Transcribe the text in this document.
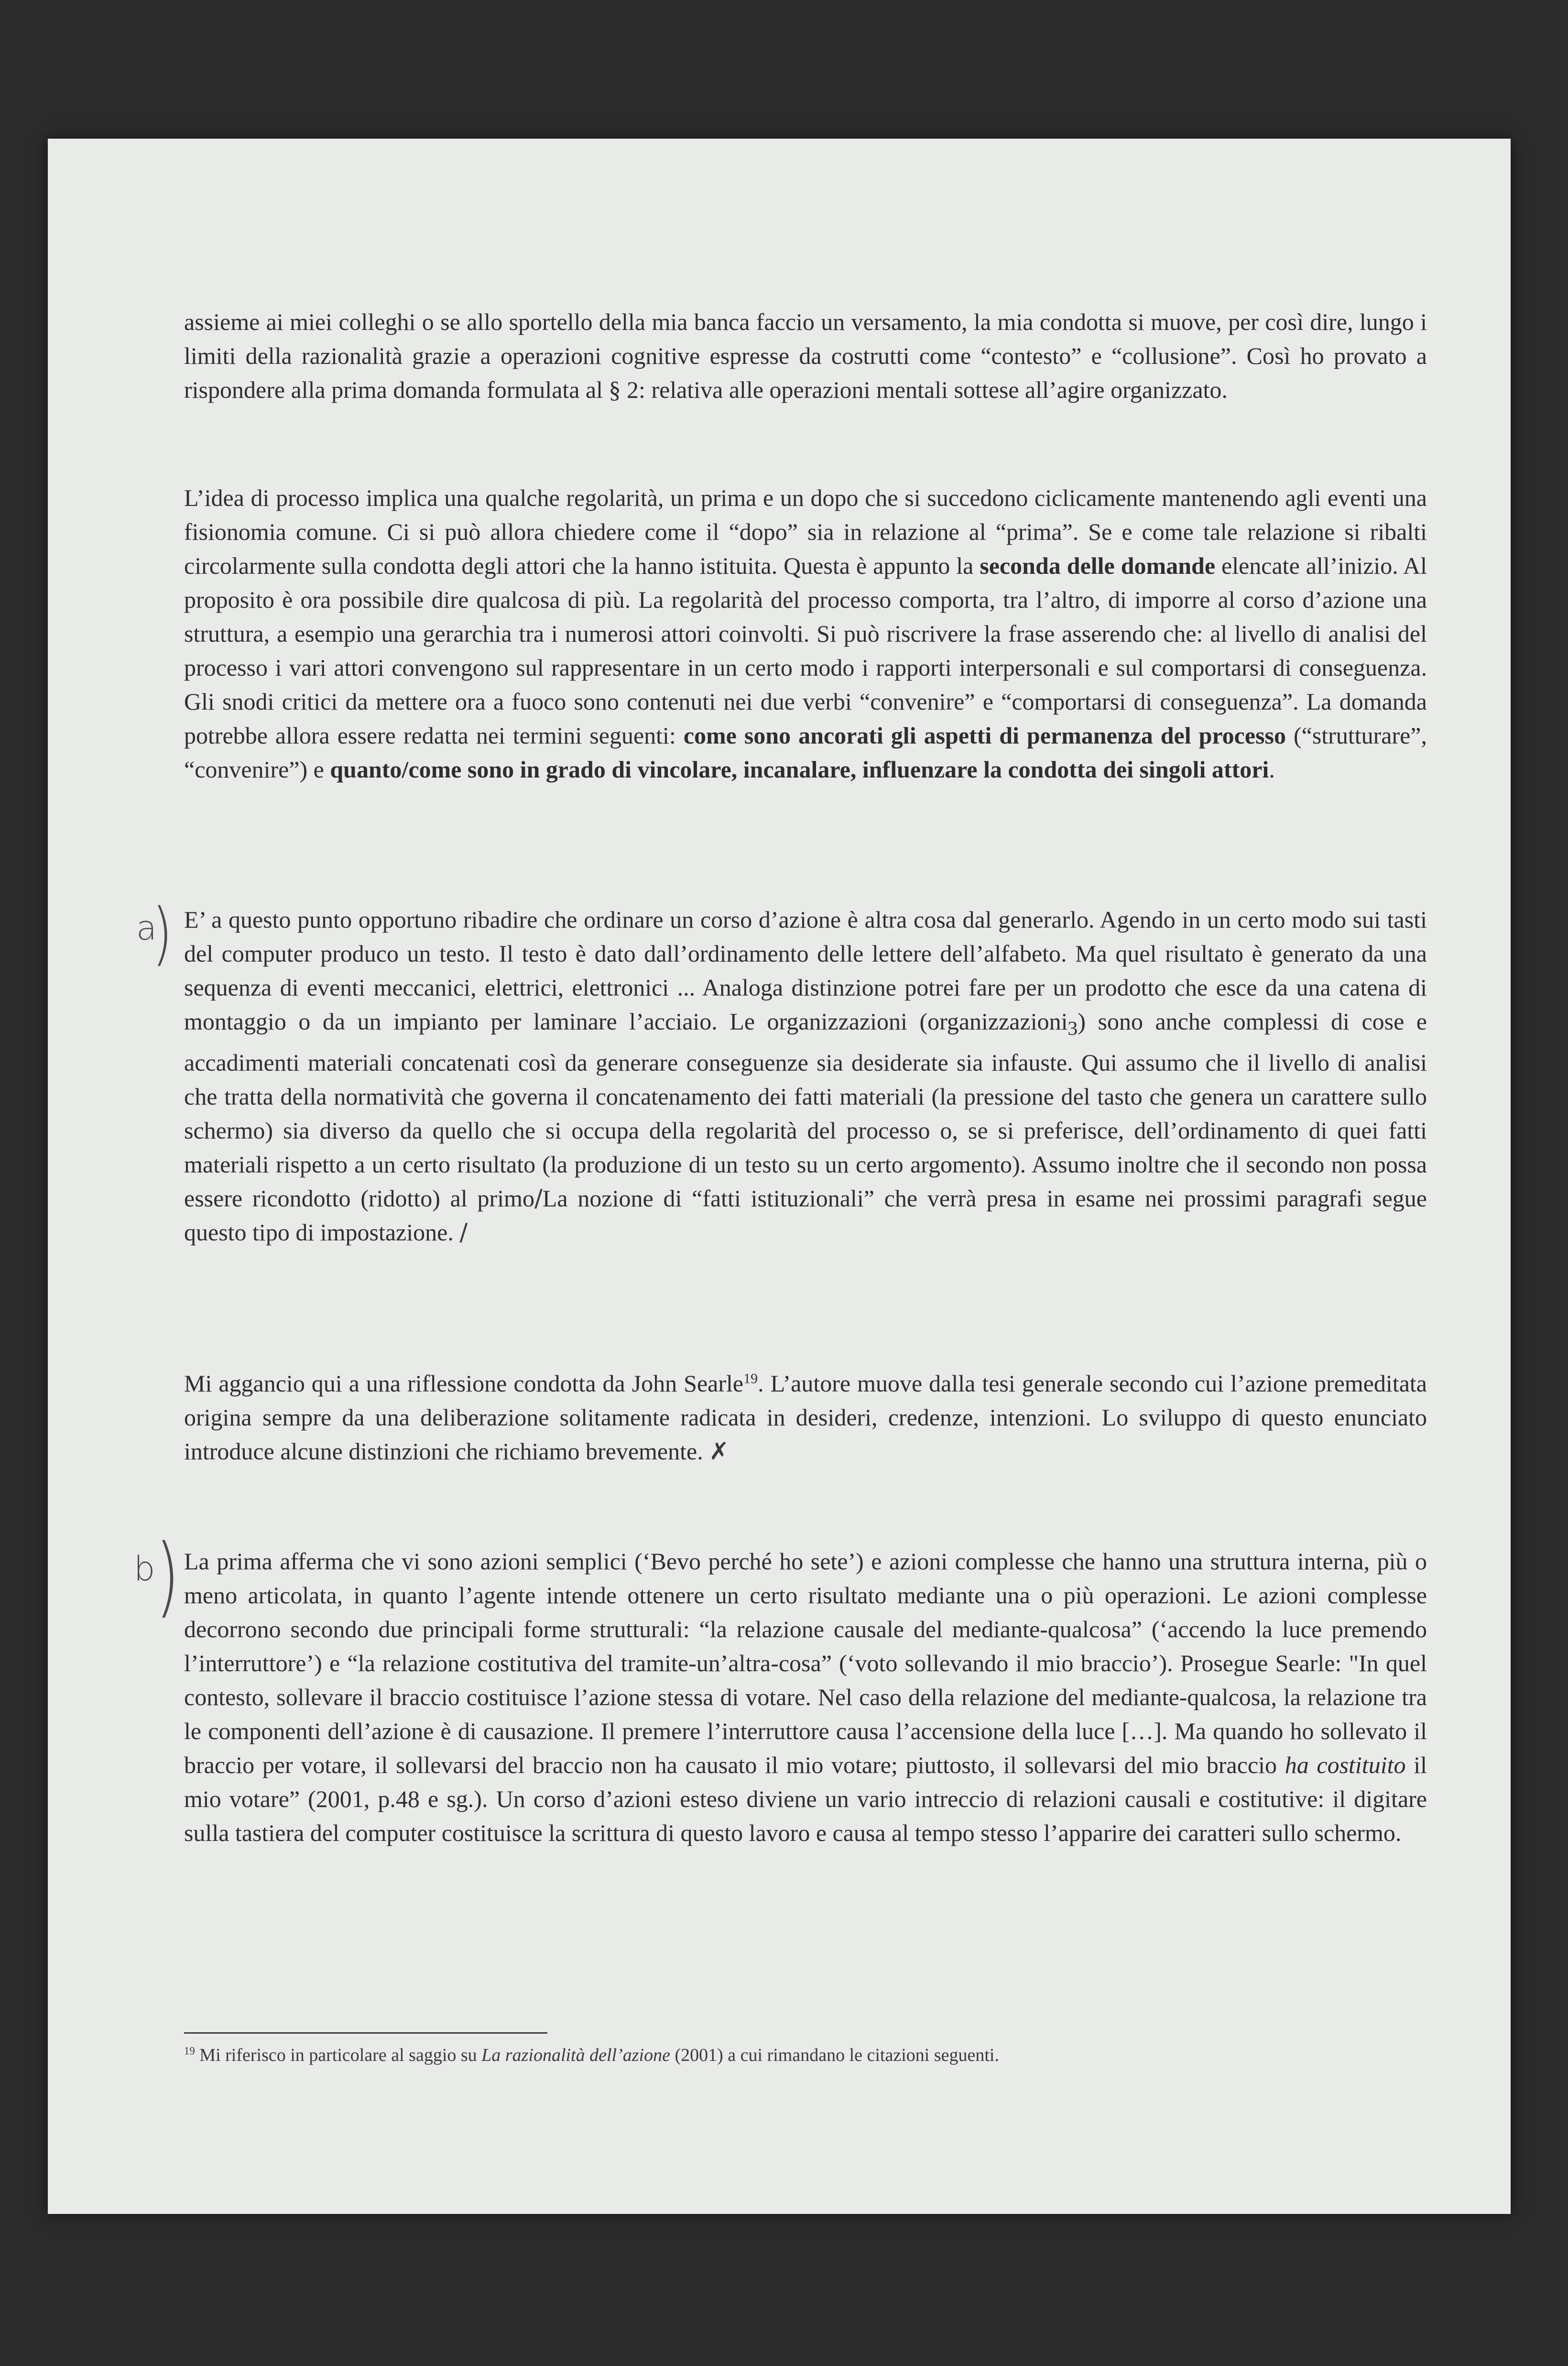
assieme ai miei colleghi o se allo sportello della mia banca faccio un versamento, la mia condotta si muove, per così dire, lungo i limiti della razionalità grazie a operazioni cognitive espresse da costrutti come “contesto” e “collusione”. Così ho provato a rispondere alla prima domanda formulata al § 2: relativa alle operazioni mentali sottese all’agire organizzato.

L’idea di processo implica una qualche regolarità, un prima e un dopo che si succedono ciclicamente mantenendo agli eventi una fisionomia comune. Ci si può allora chiedere come il “dopo” sia in relazione al “prima”. Se e come tale relazione si ribalti circolarmente sulla condotta degli attori che la hanno istituita. Questa è appunto la seconda delle domande elencate all’inizio. Al proposito è ora possibile dire qualcosa di più. La regolarità del processo comporta, tra l’altro, di imporre al corso d’azione una struttura, a esempio una gerarchia tra i numerosi attori coinvolti. Si può riscrivere la frase asserendo che: al livello di analisi del processo i vari attori convengono sul rappresentare in un certo modo i rapporti interpersonali e sul comportarsi di conseguenza. Gli snodi critici da mettere ora a fuoco sono contenuti nei due verbi “convenire” e “comportarsi di conseguenza”. La domanda potrebbe allora essere redatta nei termini seguenti: come sono ancorati gli aspetti di permanenza del processo (“strutturare”, “convenire”) e quanto/come sono in grado di vincolare, incanalare, influenzare la condotta dei singoli attori.

E’ a questo punto opportuno ribadire che ordinare un corso d’azione è altra cosa dal generarlo. Agendo in un certo modo sui tasti del computer produco un testo. Il testo è dato dall’ordinamento delle lettere dell’alfabeto. Ma quel risultato è generato da una sequenza di eventi meccanici, elettrici, elettronici ... Analoga distinzione potrei fare per un prodotto che esce da una catena di montaggio o da un impianto per laminare l’acciaio. Le organizzazioni (organizzazioni$_3$) sono anche complessi di cose e accadimenti materiali concatenati così da generare conseguenze sia desiderate sia infauste. Qui assumo che il livello di analisi che tratta della normatività che governa il concatenamento dei fatti materiali (la pressione del tasto che genera un carattere sullo schermo) sia diverso da quello che si occupa della regolarità del processo o, se si preferisce, dell’ordinamento di quei fatti materiali rispetto a un certo risultato (la produzione di un testo su un certo argomento). Assumo inoltre che il secondo non possa essere ricondotto (ridotto) al primo/La nozione di “fatti istituzionali” che verrà presa in esame nei prossimi paragrafi segue questo tipo di impostazione. /

Mi aggancio qui a una riflessione condotta da John Searle$^{19}$. L’autore muove dalla tesi generale secondo cui l’azione premeditata origina sempre da una deliberazione solitamente radicata in desideri, credenze, intenzioni. Lo sviluppo di questo enunciato introduce alcune distinzioni che richiamo brevemente. ✗

La prima afferma che vi sono azioni semplici (‘Bevo perché ho sete’) e azioni complesse che hanno una struttura interna, più o meno articolata, in quanto l’agente intende ottenere un certo risultato mediante una o più operazioni. Le azioni complesse decorrono secondo due principali forme strutturali: “la relazione causale del mediante-qualcosa” (‘accendo la luce premendo l’interruttore’) e “la relazione costitutiva del tramite-un’altra-cosa” (‘voto sollevando il mio braccio’). Prosegue Searle: "In quel contesto, sollevare il braccio costituisce l’azione stessa di votare. Nel caso della relazione del mediante-qualcosa, la relazione tra le componenti dell’azione è di causazione. Il premere l’interruttore causa l’accensione della luce […]. Ma quando ho sollevato il braccio per votare, il sollevarsi del braccio non ha causato il mio votare; piuttosto, il sollevarsi del mio braccio ha costituito il mio votare” (2001, p.48 e sg.). Un corso d’azioni esteso diviene un vario intreccio di relazioni causali e costitutive: il digitare sulla tastiera del computer costituisce la scrittura di questo lavoro e causa al tempo stesso l’apparire dei caratteri sullo schermo.

a
)
b )
$^{19}$ Mi riferisco in particolare al saggio su La razionalità dell’azione (2001) a cui rimandano le citazioni seguenti.
